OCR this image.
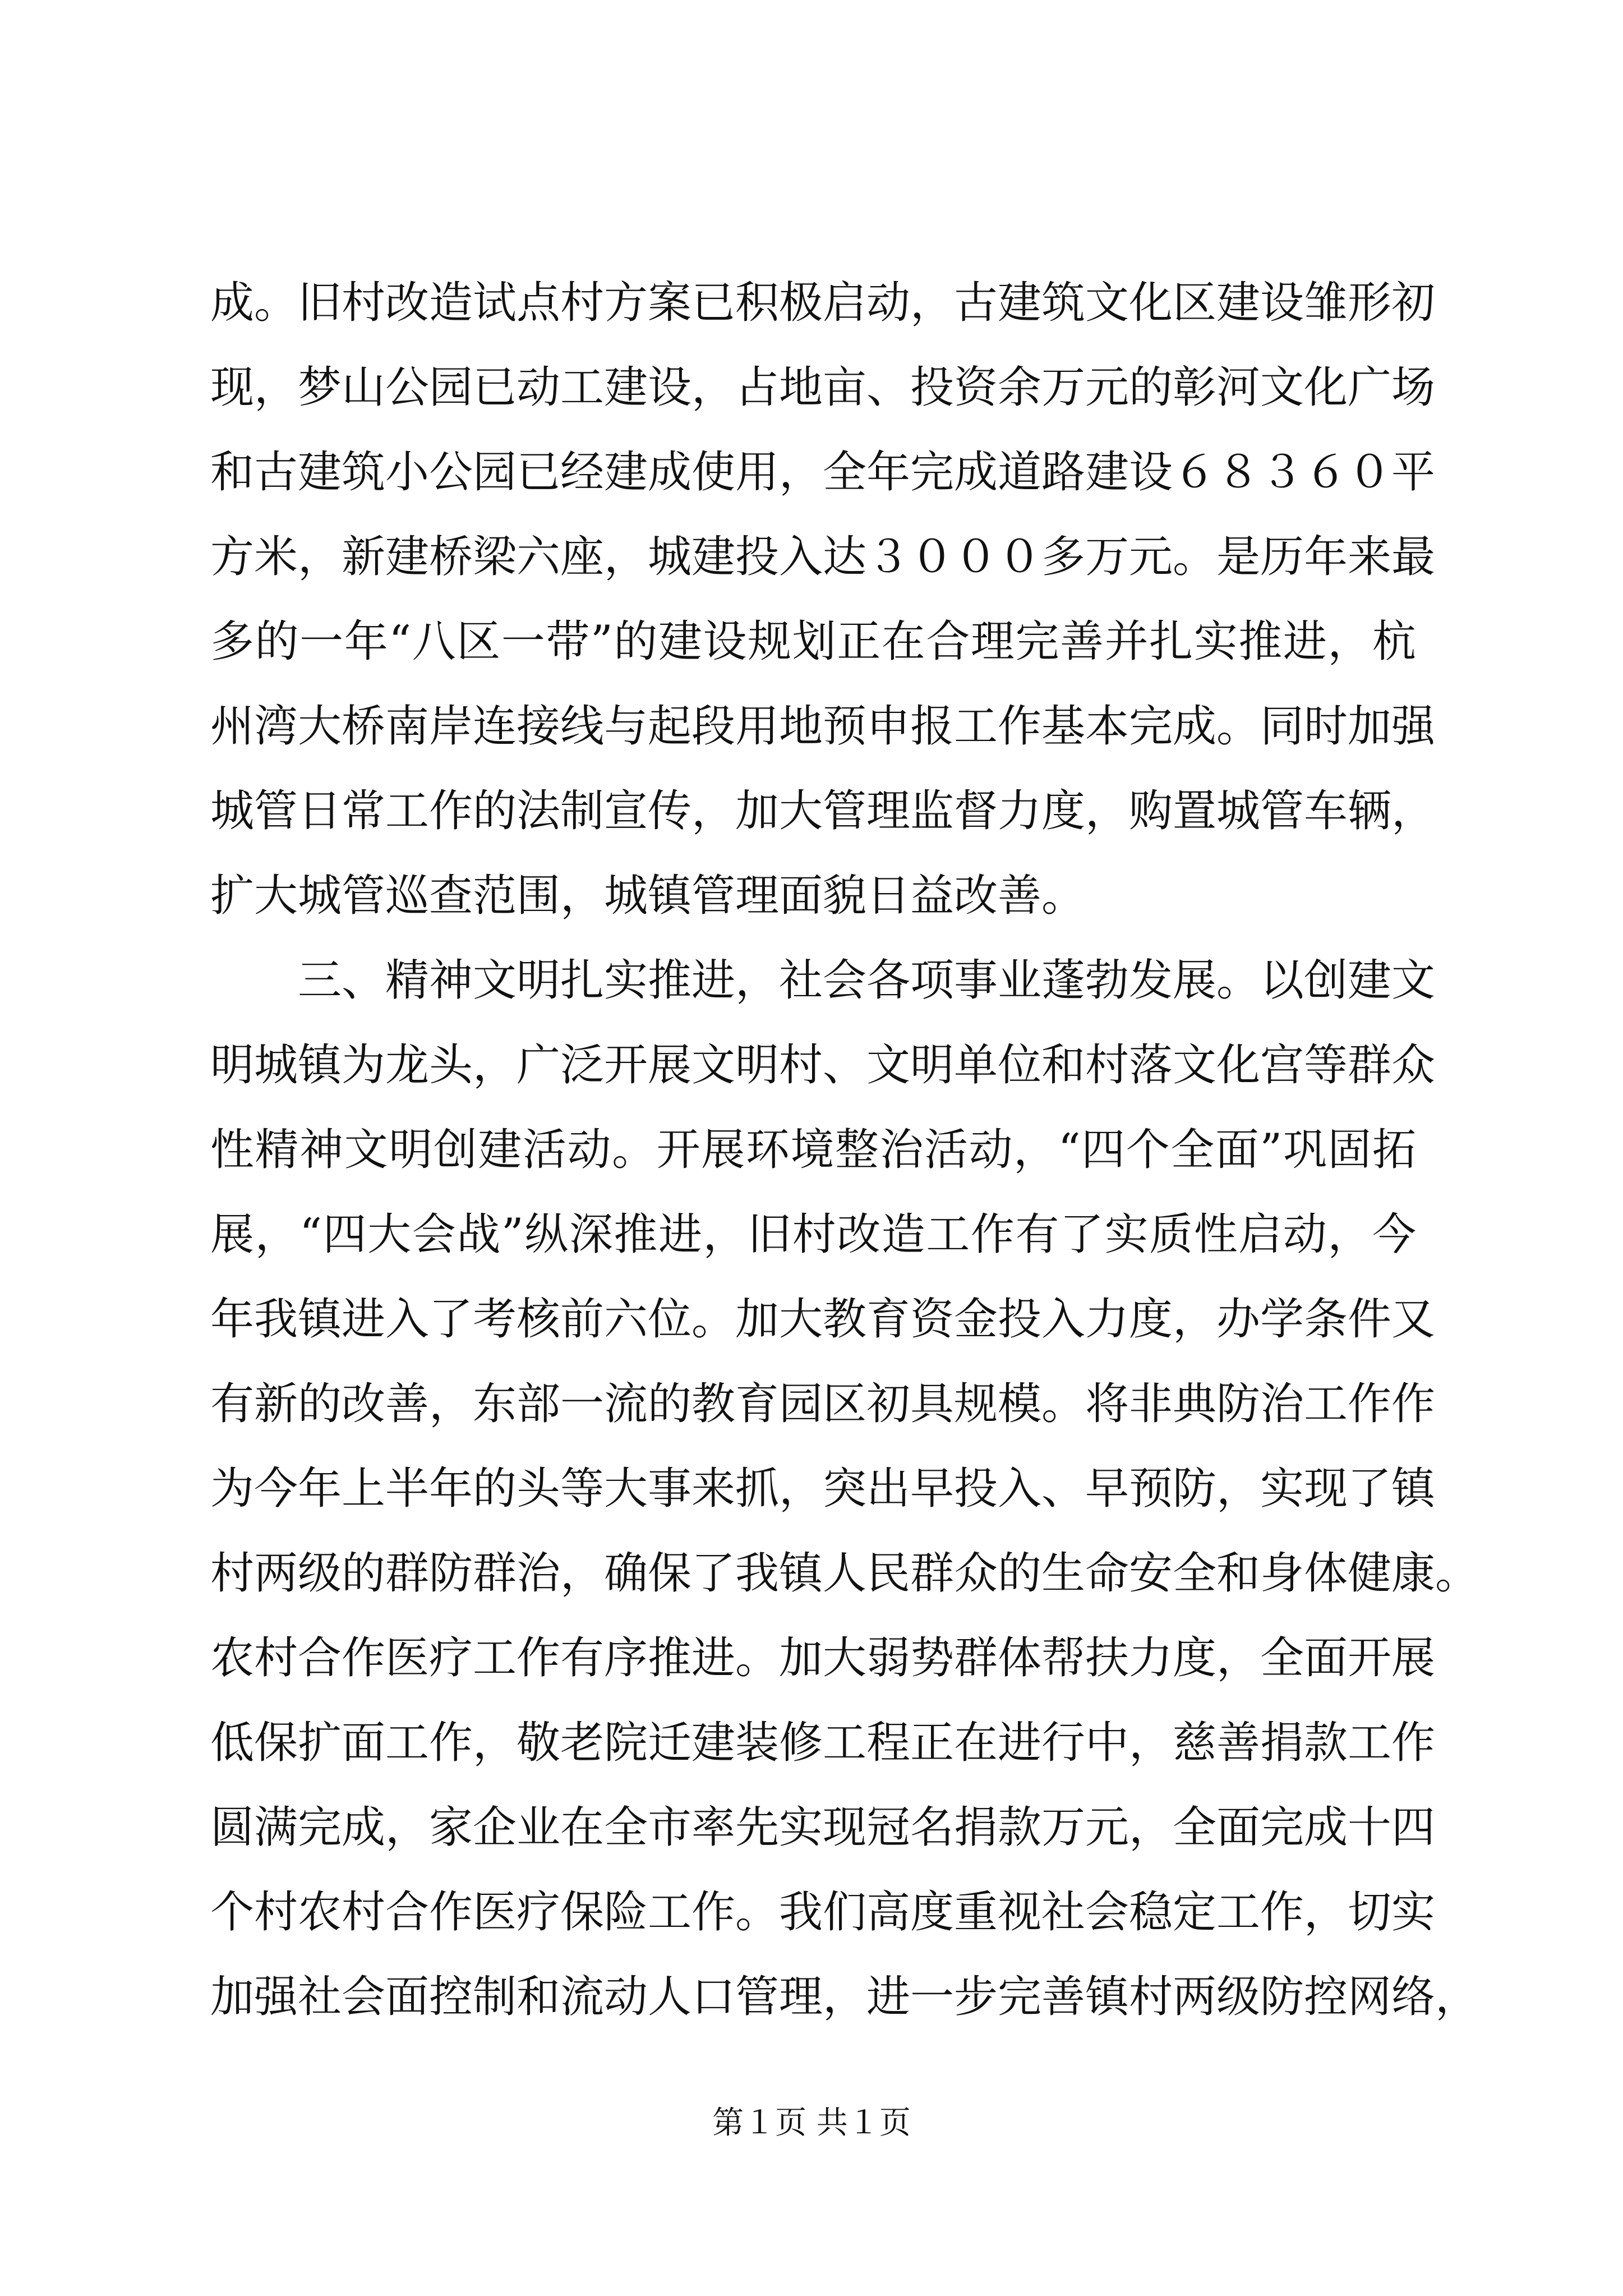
成。旧村改造试点村方案已积极启动，古建筑文化区建设雏形初
现，梦山公园已动工建设，占地亩、投资余万元的彰河文化广场
和古建筑小公园已经建成使用，全年完成道路建设６８３６０平
方米，新建桥梁六座，城建投入达３０００多万元。是历年来最
多的一年“八区一带”的建设规划正在合理完善并扎实推进，杭
州湾大桥南岸连接线与起段用地预申报工作基本完成。同时加强
城管日常工作的法制宣传，加大管理监督力度，购置城管车辆，
扩大城管巡查范围，城镇管理面貌日益改善。
　　三、精神文明扎实推进，社会各项事业蓬勃发展。以创建文
明城镇为龙头，广泛开展文明村、文明单位和村落文化宫等群众
性精神文明创建活动。开展环境整治活动，“四个全面”巩固拓
展，“四大会战”纵深推进，旧村改造工作有了实质性启动，今
年我镇进入了考核前六位。加大教育资金投入力度，办学条件又
有新的改善，东部一流的教育园区初具规模。将非典防治工作作
为今年上半年的头等大事来抓，突出早投入、早预防，实现了镇
村两级的群防群治，确保了我镇人民群众的生命安全和身体健康。
农村合作医疗工作有序推进。加大弱势群体帮扶力度，全面开展
低保扩面工作，敬老院迁建装修工程正在进行中，慈善捐款工作
圆满完成，家企业在全市率先实现冠名捐款万元，全面完成十四
个村农村合作医疗保险工作。我们高度重视社会稳定工作，切实
加强社会面控制和流动人口管理，进一步完善镇村两级防控网络，
第１页 共１页
